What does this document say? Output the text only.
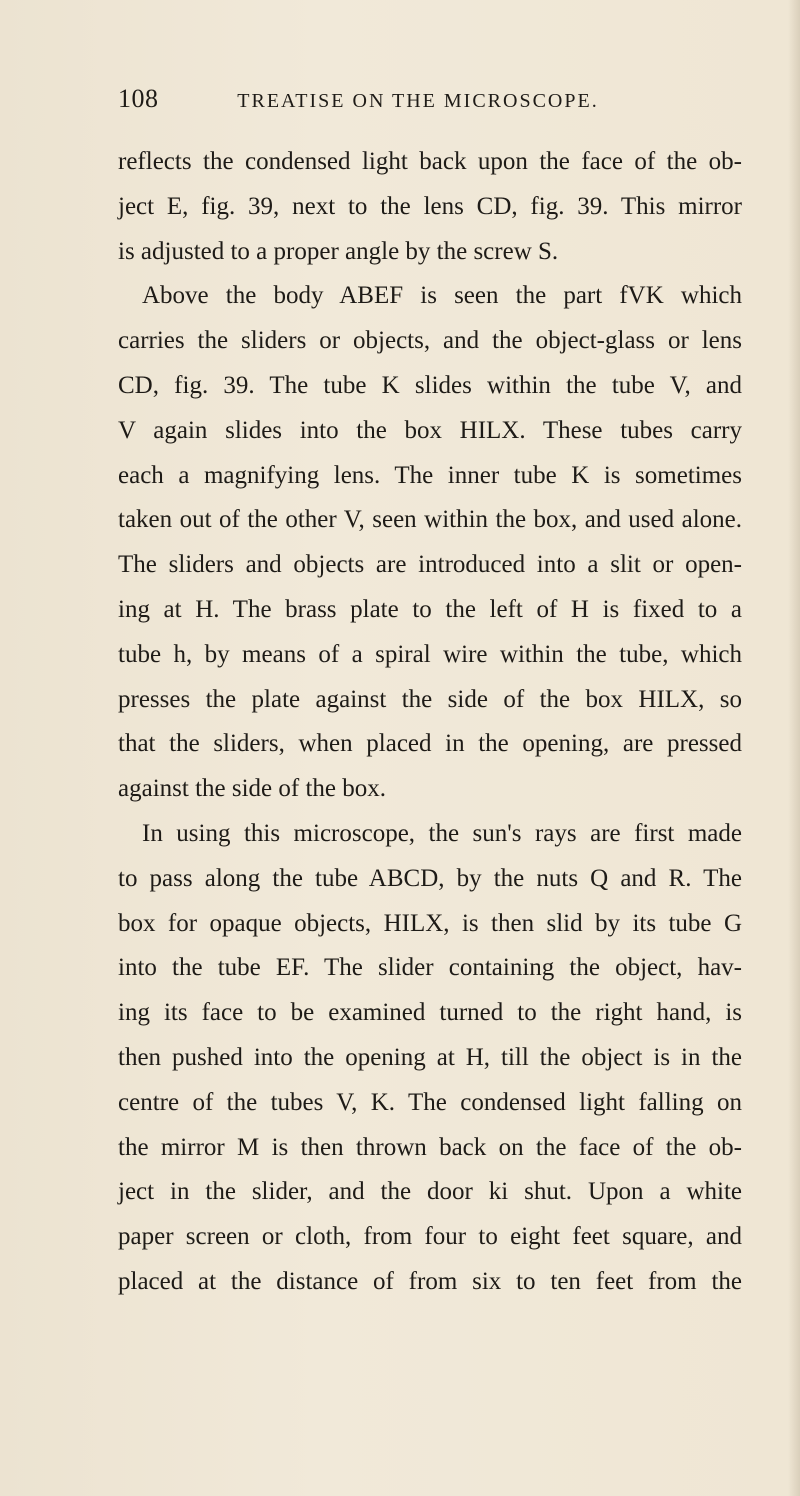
108	TREATISE ON THE MICROSCOPE.
reflects the condensed light back upon the face of the ob-
ject E, fig. 39, next to the lens CD, fig. 39. This mirror
is adjusted to a proper angle by the screw S.
Above the body ABEF is seen the part fVK which
carries the sliders or objects, and the object-glass or lens
CD, fig. 39. The tube K slides within the tube V, and
V again slides into the box HILX. These tubes carry
each a magnifying lens. The inner tube K is sometimes
taken out of the other V, seen within the box, and used alone.
The sliders and objects are introduced into a slit or open-
ing at H. The brass plate to the left of H is fixed to a
tube h, by means of a spiral wire within the tube, which
presses the plate against the side of the box HILX, so
that the sliders, when placed in the opening, are pressed
against the side of the box.
In using this microscope, the sun's rays are first made
to pass along the tube ABCD, by the nuts Q and R. The
box for opaque objects, HILX, is then slid by its tube G
into the tube EF. The slider containing the object, hav-
ing its face to be examined turned to the right hand, is
then pushed into the opening at H, till the object is in the
centre of the tubes V, K. The condensed light falling on
the mirror M is then thrown back on the face of the ob-
ject in the slider, and the door ki shut. Upon a white
paper screen or cloth, from four to eight feet square, and
placed at the distance of from six to ten feet from the
